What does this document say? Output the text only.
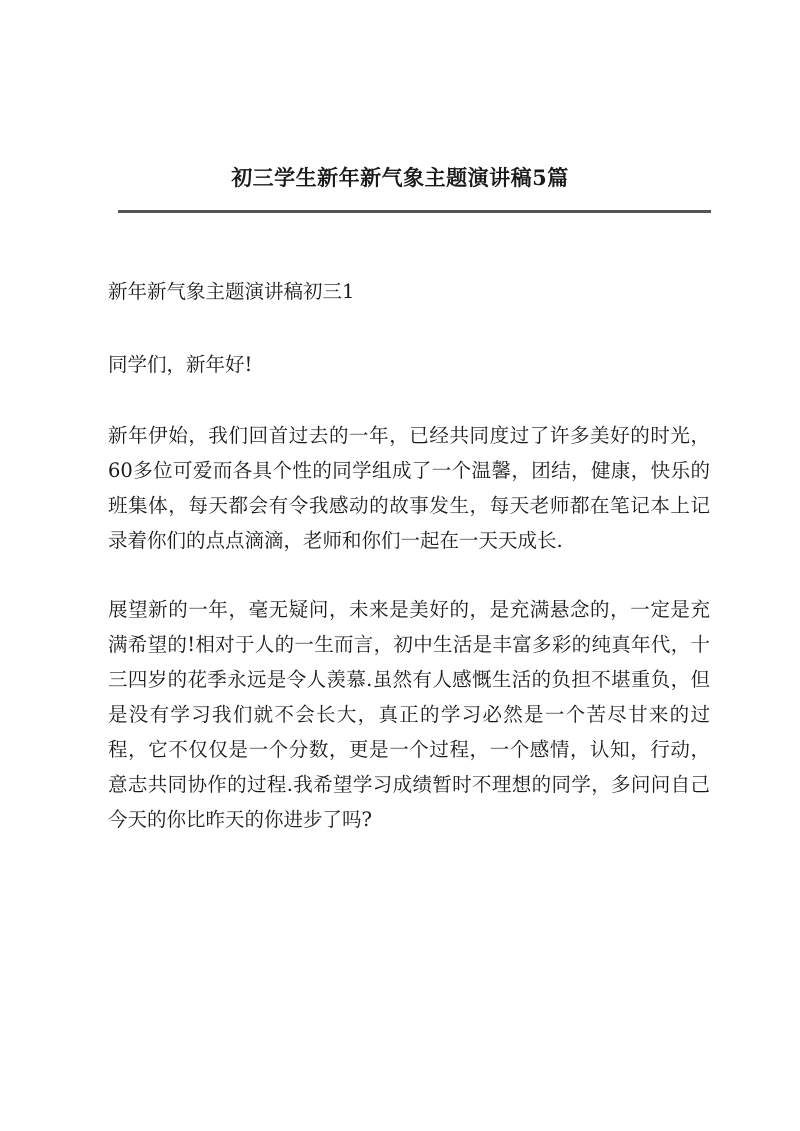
初三学生新年新气象主题演讲稿5篇

新年新气象主题演讲稿初三1

同学们，新年好!

新年伊始，我们回首过去的一年，已经共同度过了许多美好的时光，60多位可爱而各具个性的同学组成了一个温馨，团结，健康，快乐的班集体，每天都会有令我感动的故事发生，每天老师都在笔记本上记录着你们的点点滴滴，老师和你们一起在一天天成长.

展望新的一年，毫无疑问，未来是美好的，是充满悬念的，一定是充满希望的!相对于人的一生而言，初中生活是丰富多彩的纯真年代，十三四岁的花季永远是令人羡慕.虽然有人感慨生活的负担不堪重负，但是没有学习我们就不会长大，真正的学习必然是一个苦尽甘来的过程，它不仅仅是一个分数，更是一个过程，一个感情，认知，行动，意志共同协作的过程.我希望学习成绩暂时不理想的同学，多问问自己今天的你比昨天的你进步了吗?
